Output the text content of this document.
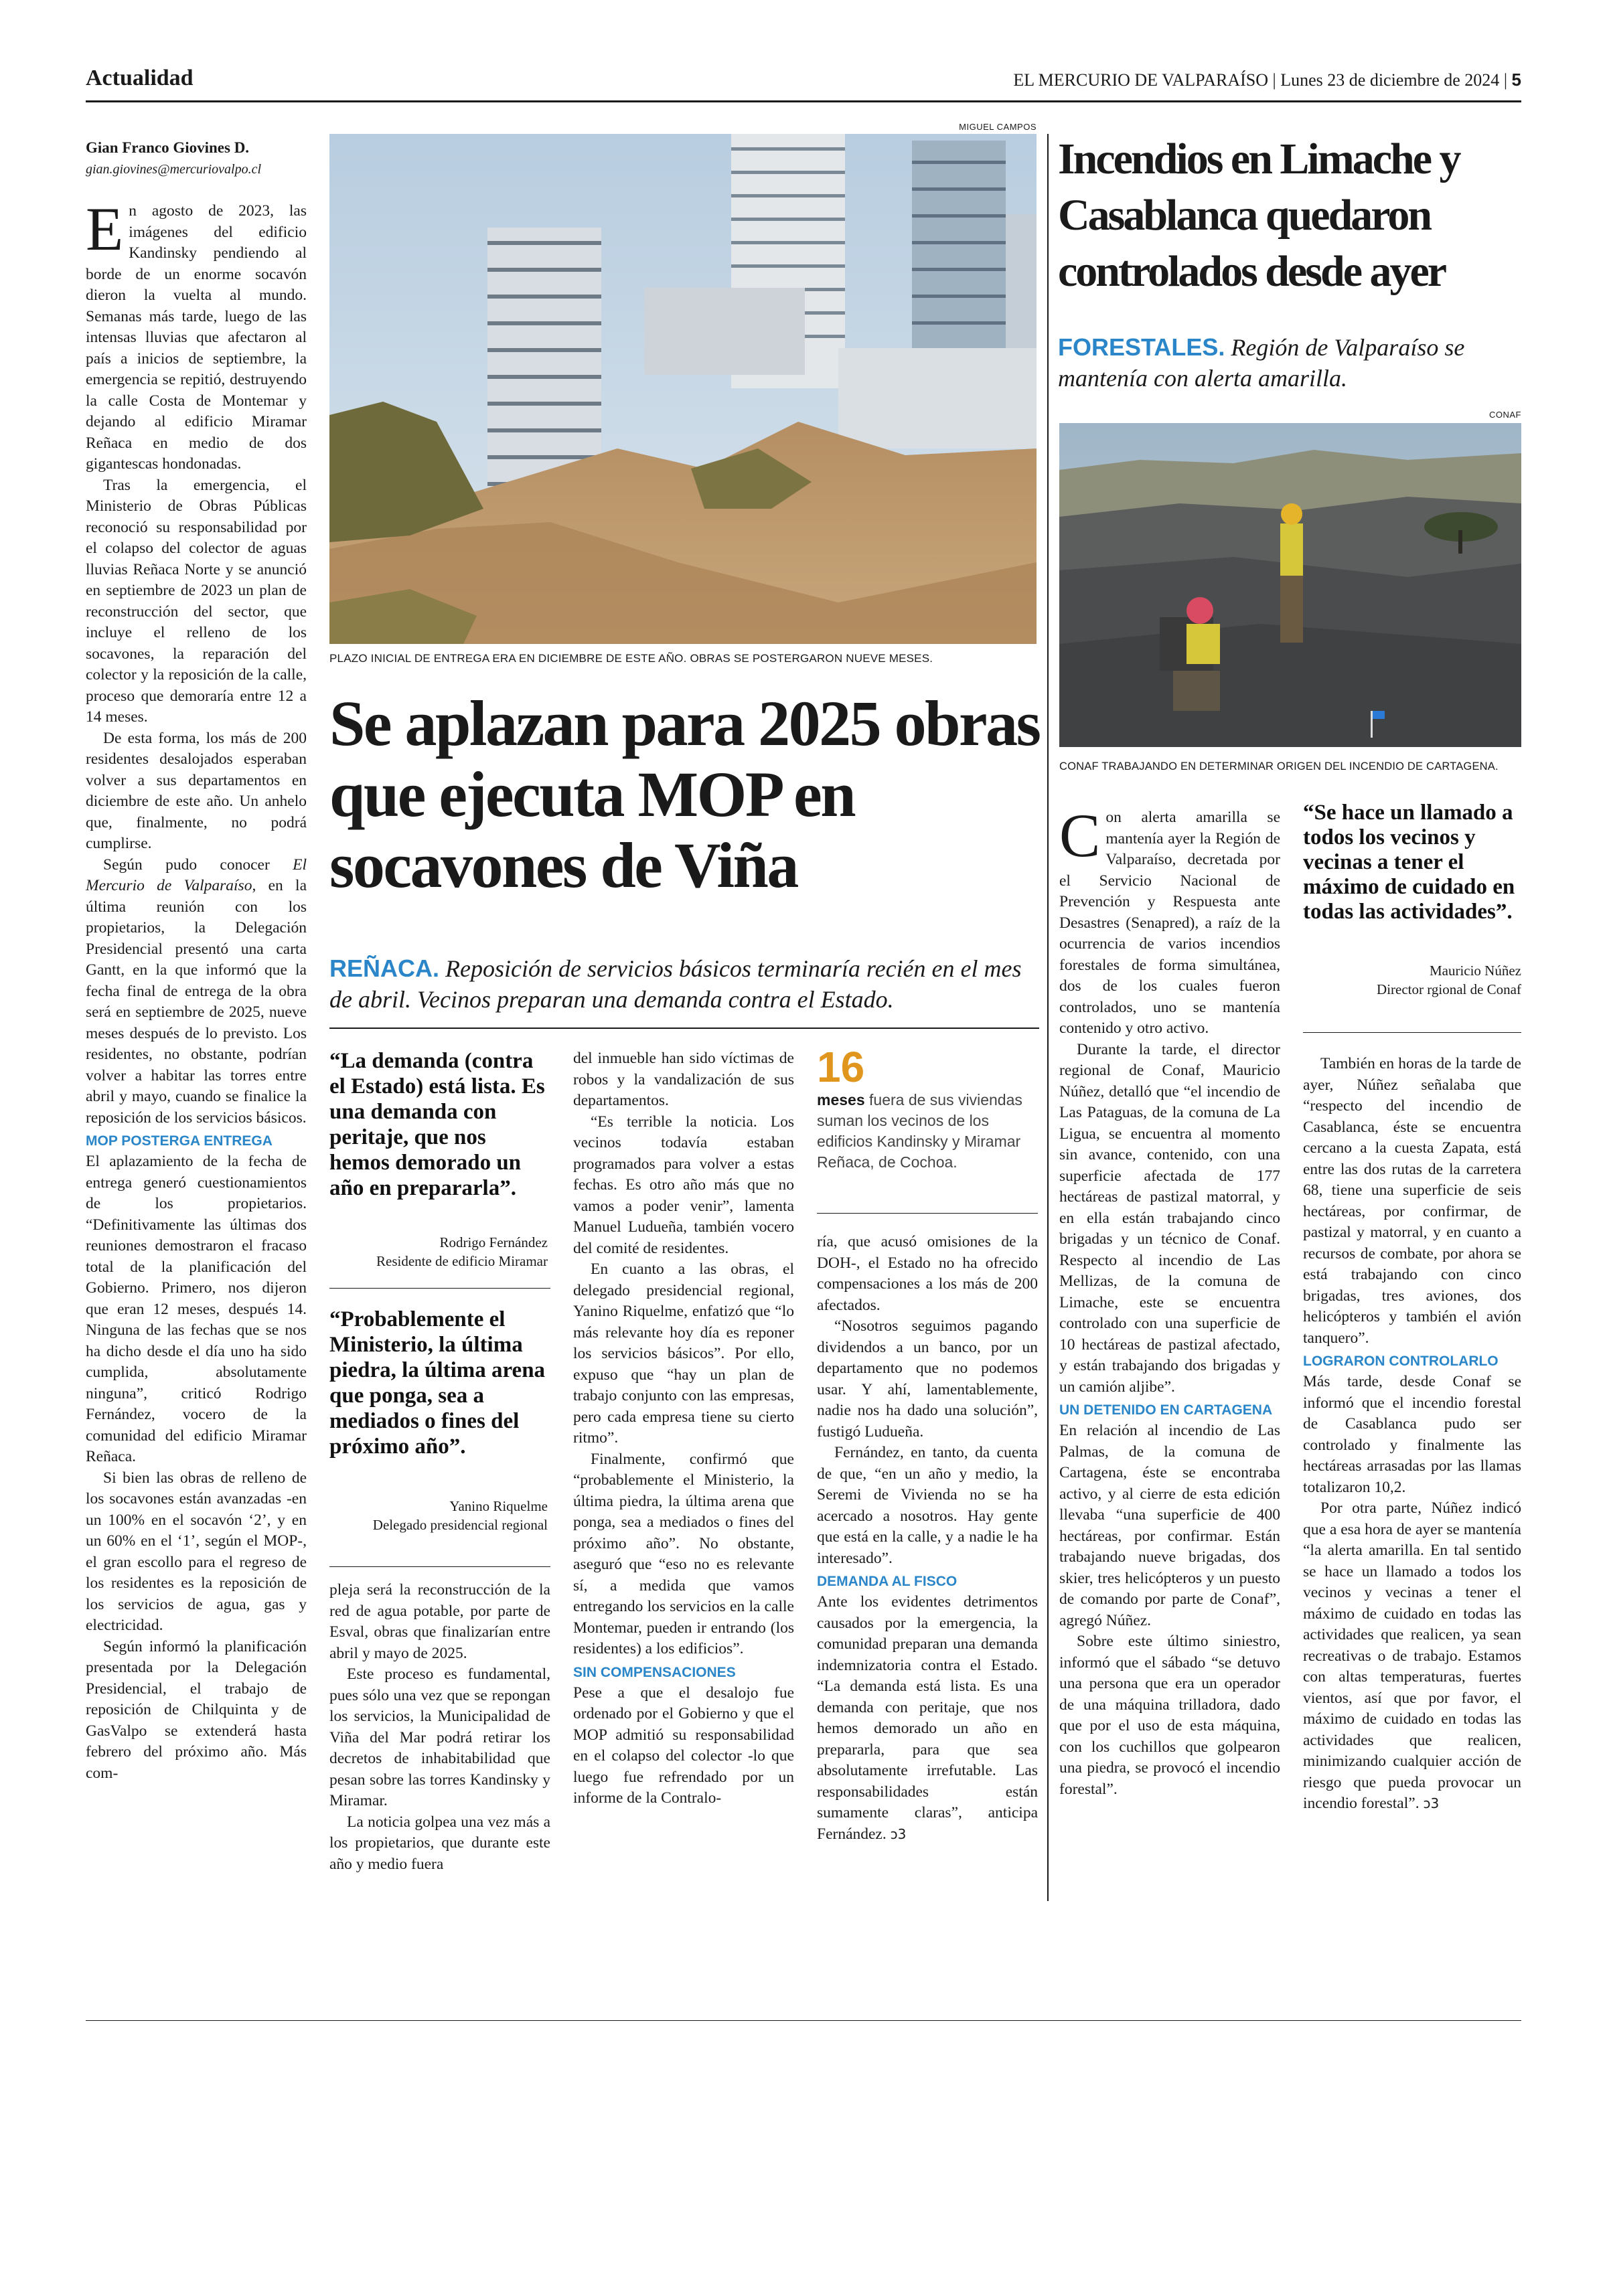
Actualidad	EL MERCURIO DE VALPARAÍSO | Lunes 23 de diciembre de 2024 | 5
Gian Franco Giovines D.
gian.giovines@mercuriovalpo.cl
MIGUEL CAMPOS
PLAZO INICIAL DE ENTREGA ERA EN DICIEMBRE DE ESTE AÑO. OBRAS SE POSTERGARON NUEVE MESES.
Se aplazan para 2025 obras que ejecuta MOP en socavones de Viña
REÑACA. Reposición de servicios básicos terminaría recién en el mes de abril. Vecinos preparan una demanda contra el Estado.

En agosto de 2023, las imágenes del edificio Kandinsky pendiendo al borde de un enorme socavón dieron la vuelta al mundo. Semanas más tarde, luego de las intensas lluvias que afectaron al país a inicios de septiembre, la emergencia se repitió, destruyendo la calle Costa de Montemar y dejando al edificio Miramar Reñaca en medio de dos gigantescas hondonadas.

Tras la emergencia, el Ministerio de Obras Públicas reconoció su responsabilidad por el colapso del colector de aguas lluvias Reñaca Norte y se anunció en septiembre de 2023 un plan de reconstrucción del sector, que incluye el relleno de los socavones, la reparación del colector y la reposición de la calle, proceso que demoraría entre 12 a 14 meses.

De esta forma, los más de 200 residentes desalojados esperaban volver a sus departamentos en diciembre de este año. Un anhelo que, finalmente, no podrá cumplirse.

Según pudo conocer El Mercurio de Valparaíso, en la última reunión con los propietarios, la Delegación Presidencial presentó una carta Gantt, en la que informó que la fecha final de entrega de la obra será en septiembre de 2025, nueve meses después de lo previsto. Los residentes, no obstante, podrían volver a habitar las torres entre abril y mayo, cuando se finalice la reposición de los servicios básicos.

MOP POSTERGA ENTREGA

El aplazamiento de la fecha de entrega generó cuestionamientos de los propietarios. “Definitivamente las últimas dos reuniones demostraron el fracaso total de la planificación del Gobierno. Primero, nos dijeron que eran 12 meses, después 14. Ninguna de las fechas que se nos ha dicho desde el día uno ha sido cumplida, absolutamente ninguna”, criticó Rodrigo Fernández, vocero de la comunidad del edificio Miramar Reñaca.

Si bien las obras de relleno de los socavones están avanzadas -en un 100% en el socavón ‘2’, y en un 60% en el ‘1’, según el MOP-, el gran escollo para el regreso de los residentes es la reposición de los servicios de agua, gas y electricidad.

Según informó la planificación presentada por la Delegación Presidencial, el trabajo de reposición de Chilquinta y de GasValpo se extenderá hasta febrero del próximo año. Más com-

“La demanda (contra el Estado) está lista. Es una demanda con peritaje, que nos hemos demorado un año en prepararla”.
Rodrigo Fernández
Residente de edificio Miramar
“Probablemente el Ministerio, la última piedra, la última arena que ponga, sea a mediados o fines del próximo año”.
Yanino Riquelme
Delegado presidencial regional

pleja será la reconstrucción de la red de agua potable, por parte de Esval, obras que finalizarían entre abril y mayo de 2025.

Este proceso es fundamental, pues sólo una vez que se repongan los servicios, la Municipalidad de Viña del Mar podrá retirar los decretos de inhabitabilidad que pesan sobre las torres Kandinsky y Miramar.

La noticia golpea una vez más a los propietarios, que durante este año y medio fuera

del inmueble han sido víctimas de robos y la vandalización de sus departamentos.

“Es terrible la noticia. Los vecinos todavía estaban programados para volver a estas fechas. Es otro año más que no vamos a poder venir”, lamenta Manuel Ludueña, también vocero del comité de residentes.

En cuanto a las obras, el delegado presidencial regional, Yanino Riquelme, enfatizó que “lo más relevante hoy día es reponer los servicios básicos”. Por ello, expuso que “hay un plan de trabajo conjunto con las empresas, pero cada empresa tiene su cierto ritmo”.

Finalmente, confirmó que “probablemente el Ministerio, la última piedra, la última arena que ponga, sea a mediados o fines del próximo año”. No obstante, aseguró que “eso no es relevante sí, a medida que vamos entregando los servicios en la calle Montemar, pueden ir entrando (los residentes) a los edificios”.

SIN COMPENSACIONES

Pese a que el desalojo fue ordenado por el Gobierno y que el MOP admitió su responsabilidad en el colapso del colector -lo que luego fue refrendado por un informe de la Contralo-

16
meses fuera de sus viviendas suman los vecinos de los edificios Kandinsky y Miramar Reñaca, de Cochoa.

ría, que acusó omisiones de la DOH-, el Estado no ha ofrecido compensaciones a los más de 200 afectados.

“Nosotros seguimos pagando dividendos a un banco, por un departamento que no podemos usar. Y ahí, lamentablemente, nadie nos ha dado una solución”, fustigó Ludueña.

Fernández, en tanto, da cuenta de que, “en un año y medio, la Seremi de Vivienda no se ha acercado a nosotros. Hay gente que está en la calle, y a nadie le ha interesado”.

DEMANDA AL FISCO

Ante los evidentes detrimentos causados por la emergencia, la comunidad preparan una demanda indemnizatoria contra el Estado. “La demanda está lista. Es una demanda con peritaje, que nos hemos demorado un año en prepararla, para que sea absolutamente irrefutable. Las responsabilidades están sumamente claras”, anticipa Fernández. ↄ3

Incendios en Limache y Casablanca quedaron controlados desde ayer
FORESTALES. Región de Valparaíso se mantenía con alerta amarilla.
CONAF
CONAF TRABAJANDO EN DETERMINAR ORIGEN DEL INCENDIO DE CARTAGENA.

Con alerta amarilla se mantenía ayer la Región de Valparaíso, decretada por el Servicio Nacional de Prevención y Respuesta ante Desastres (Senapred), a raíz de la ocurrencia de varios incendios forestales de forma simultánea, dos de los cuales fueron controlados, uno se mantenía contenido y otro activo.

Durante la tarde, el director regional de Conaf, Mauricio Núñez, detalló que “el incendio de Las Pataguas, de la comuna de La Ligua, se encuentra al momento sin avance, contenido, con una superficie afectada de 177 hectáreas de pastizal matorral, y en ella están trabajando cinco brigadas y un técnico de Conaf. Respecto al incendio de Las Mellizas, de la comuna de Limache, este se encuentra controlado con una superficie de 10 hectáreas de pastizal afectado, y están trabajando dos brigadas y un camión aljibe”.

UN DETENIDO EN CARTAGENA

En relación al incendio de Las Palmas, de la comuna de Cartagena, éste se encontraba activo, y al cierre de esta edición llevaba “una superficie de 400 hectáreas, por confirmar. Están trabajando nueve brigadas, dos skier, tres helicópteros y un puesto de comando por parte de Conaf”, agregó Núñez.

Sobre este último siniestro, informó que el sábado “se detuvo una persona que era un operador de una máquina trilladora, dado que por el uso de esta máquina, con los cuchillos que golpearon una piedra, se provocó el incendio forestal”.

“Se hace un llamado a todos los vecinos y vecinas a tener el máximo de cuidado en todas las actividades”.
Mauricio Núñez
Director rgional de Conaf

También en horas de la tarde de ayer, Núñez señalaba que “respecto del incendio de Casablanca, éste se encuentra cercano a la cuesta Zapata, está entre las dos rutas de la carretera 68, tiene una superficie de seis hectáreas, por confirmar, de pastizal y matorral, y en cuanto a recursos de combate, por ahora se está trabajando con cinco brigadas, tres aviones, dos helicópteros y también el avión tanquero”.

LOGRARON CONTROLARLO

Más tarde, desde Conaf se informó que el incendio forestal de Casablanca pudo ser controlado y finalmente las hectáreas arrasadas por las llamas totalizaron 10,2.

Por otra parte, Núñez indicó que a esa hora de ayer se mantenía “la alerta amarilla. En tal sentido se hace un llamado a todos los vecinos y vecinas a tener el máximo de cuidado en todas las actividades que realicen, ya sean recreativas o de trabajo. Estamos con altas temperaturas, fuertes vientos, así que por favor, el máximo de cuidado en todas las actividades que realicen, minimizando cualquier acción de riesgo que pueda provocar un incendio forestal”. ↄ3
